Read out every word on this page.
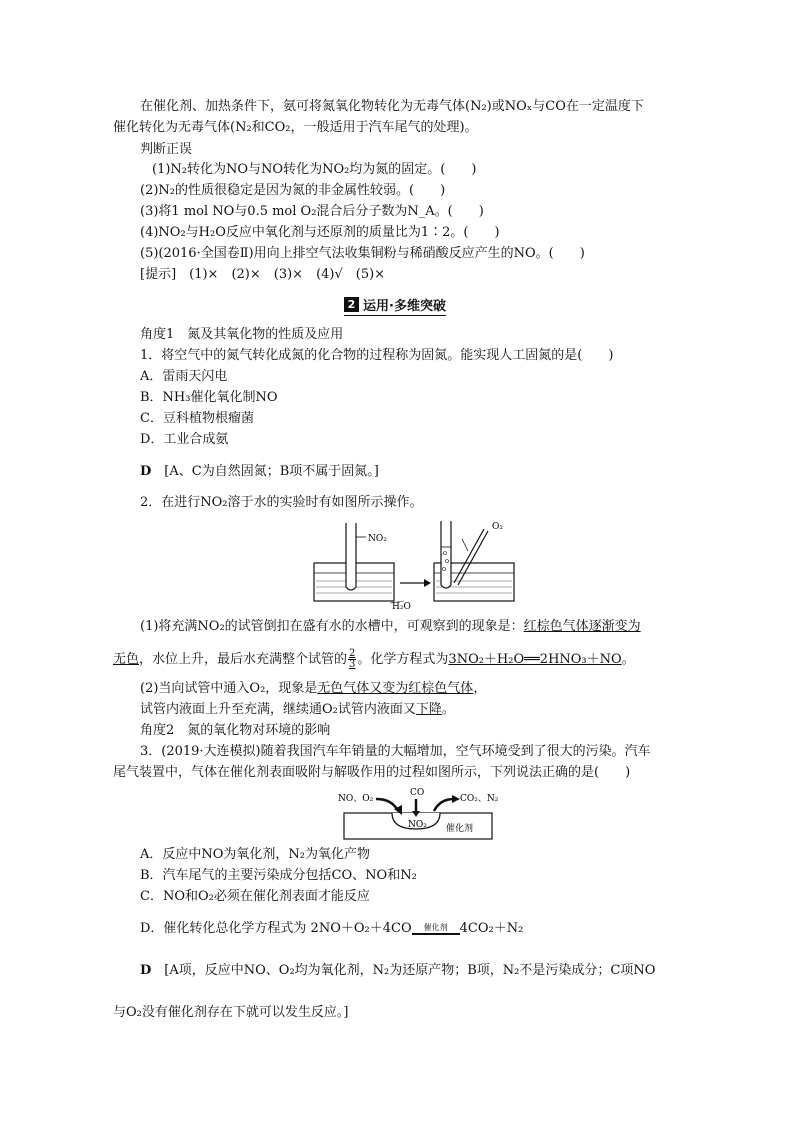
在催化剂、加热条件下，氨可将氮氧化物转化为无毒气体(N₂)或NOₓ与CO在一定温度下
催化转化为无毒气体(N₂和CO₂，一般适用于汽车尾气的处理)。
判断正误
(1)N₂转化为NO与NO转化为NO₂均为氮的固定。(　　)
(2)N₂的性质很稳定是因为氮的非金属性较弱。(　　)
(3)将1 mol NO与0.5 mol O₂混合后分子数为N_A。(　　)
(4)NO₂与H₂O反应中氧化剂与还原剂的质量比为1∶2。(　　)
(5)(2016·全国卷Ⅱ)用向上排空气法收集铜粉与稀硝酸反应产生的NO。(　　)
[提示]　(1)×　(2)×　(3)×　(4)√　(5)×
2 运用·多维突破
角度1　氮及其氧化物的性质及应用
1．将空气中的氮气转化成氮的化合物的过程称为固氮。能实现人工固氮的是(　　)
A．雷雨天闪电
B．NH₃催化氧化制NO
C．豆科植物根瘤菌
D．工业合成氨
D　 [A、C为自然固氮；B项不属于固氮。]
2．在进行NO₂溶于水的实验时有如图所示操作。
NO₂
O₂
H₂O
(1)将充满NO₂的试管倒扣在盛有水的水槽中，可观察到的现象是：红棕色气体逐渐变为
无色，水位上升，最后水充满整个试管的 $\frac{2}{3}$ 。化学方程式为3NO₂＋H₂O══2HNO₃＋NO。
(2)当向试管中通入O₂，现象是无色气体又变为红棕色气体，
试管内液面上升至充满，继续通O₂试管内液面又下降。
角度2　氮的氧化物对环境的影响
3．(2019·大连模拟)随着我国汽车年销量的大幅增加，空气环境受到了很大的污染。汽车
尾气装置中，气体在催化剂表面吸附与解吸作用的过程如图所示，下列说法正确的是(　　)
NO、O₂
CO
CO₂、N₂
NO₂ 催化剂
A．反应中NO为氧化剂，N₂为氧化产物
B．汽车尾气的主要污染成分包括CO、NO和N₂
C．NO和O₂必须在催化剂表面才能反应
D．催化转化总化学方程式为 2NO＋O₂＋4CO	催化剂 4CO₂＋N₂
D　 [A项，反应中NO、O₂均为氧化剂，N₂为还原产物；B项，N₂不是污染成分；C项NO
与O₂没有催化剂存在下就可以发生反应。]
